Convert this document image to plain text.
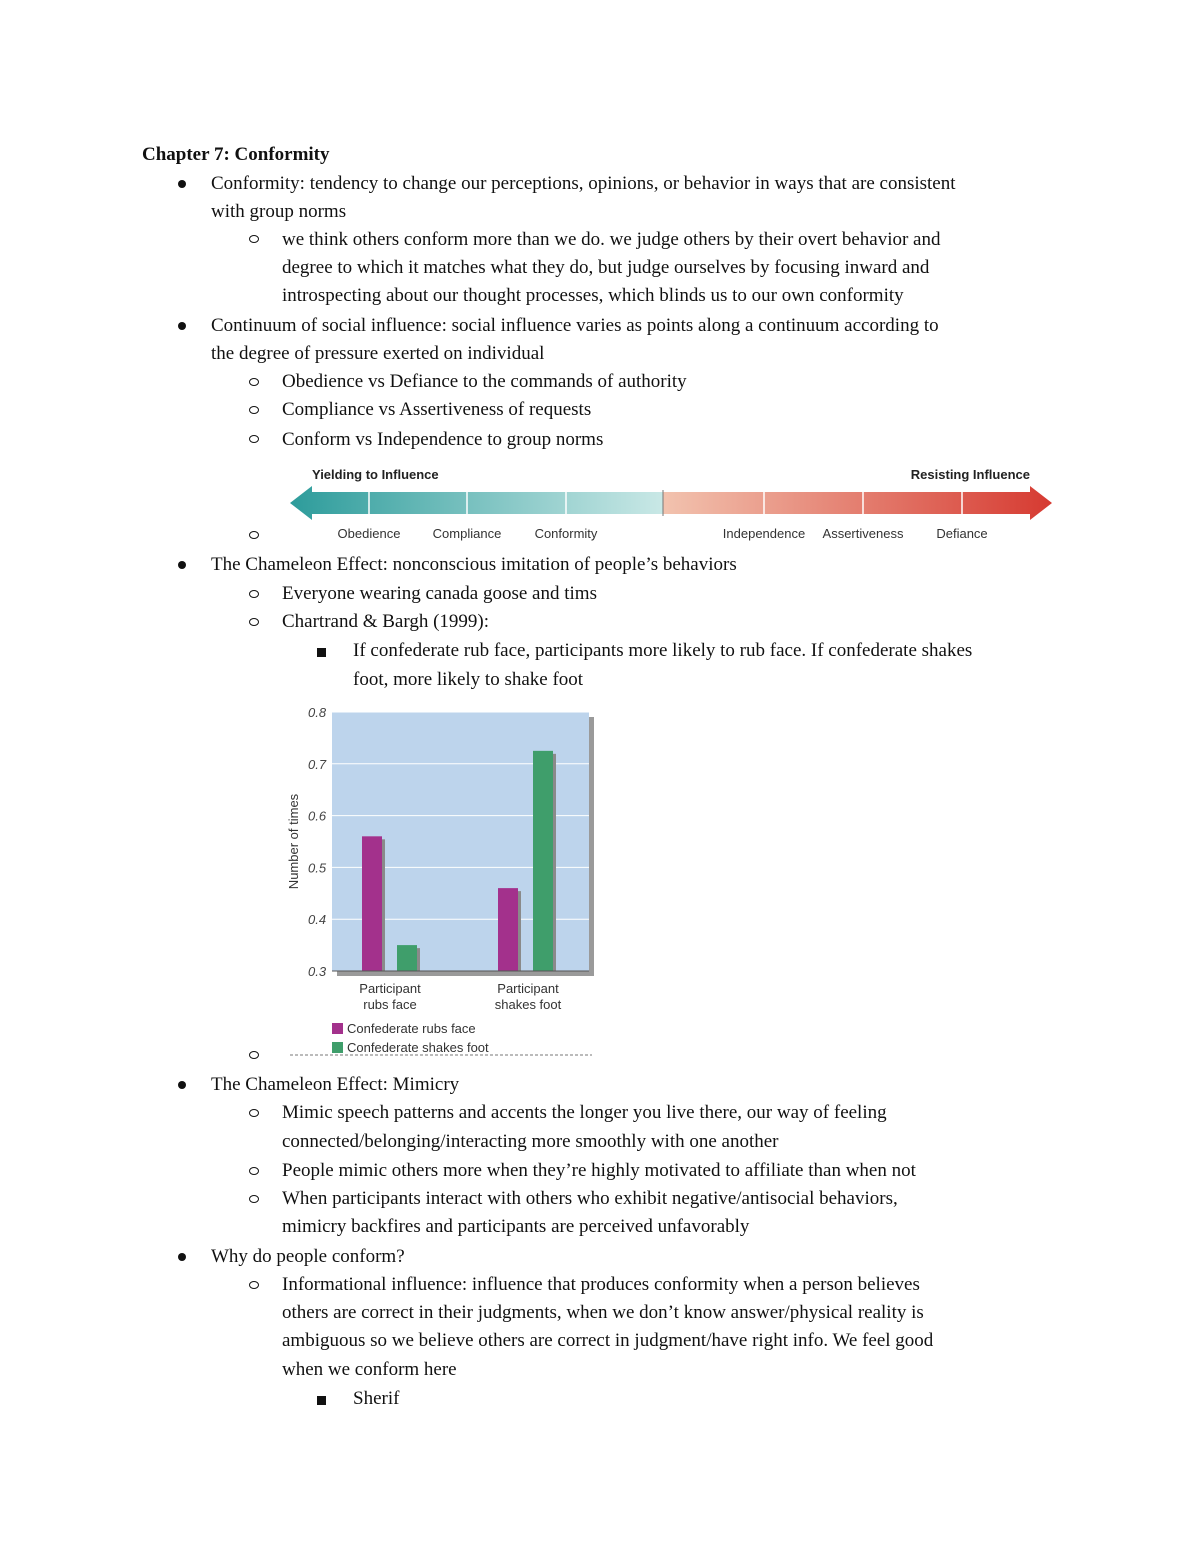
Chapter 7: Conformity
Conformity: tendency to change our perceptions, opinions, or behavior in ways that are consistent
with group norms
we think others conform more than we do. we judge others by their overt behavior and
degree to which it matches what they do, but judge ourselves by focusing inward and
introspecting about our thought processes, which blinds us to our own conformity
Continuum of social influence: social influence varies as points along a continuum according to
the degree of pressure exerted on individual
Obedience vs Defiance to the commands of authority
Compliance vs Assertiveness of requests
Conform vs Independence to group norms
Yielding to Influence	Resisting Influence
Obedience Compliance	Conformity	Independence Assertiveness	Defiance
The Chameleon Effect: nonconscious imitation of people’s behaviors
Everyone wearing canada goose and tims
Chartrand & Bargh (1999):
If confederate rub face, participants more likely to rub face. If confederate shakes
foot, more likely to shake foot
0.8
0.7
0.6
0.5
0.4
0.3
Number of times
Participant
rubs face
Participant
shakes foot
Confederate rubs face
Confederate shakes foot
The Chameleon Effect: Mimicry
Mimic speech patterns and accents the longer you live there, our way of feeling
connected/belonging/interacting more smoothly with one another
People mimic others more when they’re highly motivated to affiliate than when not
When participants interact with others who exhibit negative/antisocial behaviors,
mimicry backfires and participants are perceived unfavorably
Why do people conform?
Informational influence: influence that produces conformity when a person believes
others are correct in their judgments, when we don’t know answer/physical reality is
ambiguous so we believe others are correct in judgment/have right info. We feel good
when we conform here
Sherif
